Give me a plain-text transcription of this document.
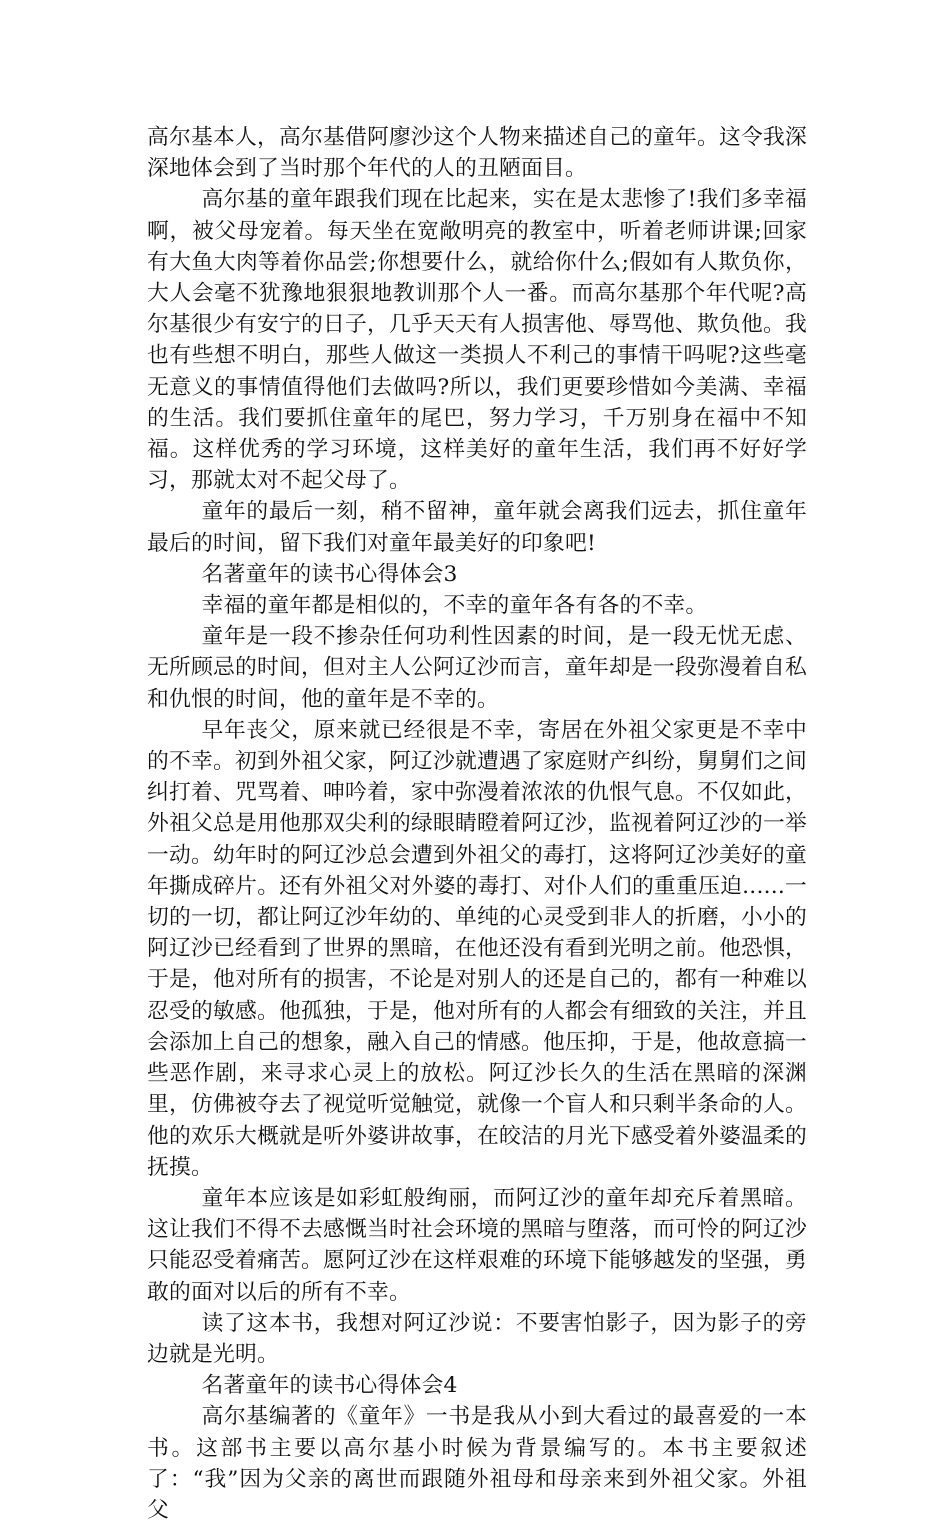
高尔基本人，高尔基借阿廖沙这个人物来描述自己的童年。这令我深深地体会到了当时那个年代的人的丑陋面目。

高尔基的童年跟我们现在比起来，实在是太悲惨了!我们多幸福啊，被父母宠着。每天坐在宽敞明亮的教室中，听着老师讲课;回家有大鱼大肉等着你品尝;你想要什么，就给你什么;假如有人欺负你，大人会毫不犹豫地狠狠地教训那个人一番。而高尔基那个年代呢?高尔基很少有安宁的日子，几乎天天有人损害他、辱骂他、欺负他。我也有些想不明白，那些人做这一类损人不利己的事情干吗呢?这些毫无意义的事情值得他们去做吗?所以，我们更要珍惜如今美满、幸福的生活。我们要抓住童年的尾巴，努力学习，千万别身在福中不知福。这样优秀的学习环境，这样美好的童年生活，我们再不好好学习，那就太对不起父母了。

童年的最后一刻，稍不留神，童年就会离我们远去，抓住童年最后的时间，留下我们对童年最美好的印象吧!

名著童年的读书心得体会3

幸福的童年都是相似的，不幸的童年各有各的不幸。

童年是一段不掺杂任何功利性因素的时间，是一段无忧无虑、无所顾忌的时间，但对主人公阿辽沙而言，童年却是一段弥漫着自私和仇恨的时间，他的童年是不幸的。

早年丧父，原来就已经很是不幸，寄居在外祖父家更是不幸中的不幸。初到外祖父家，阿辽沙就遭遇了家庭财产纠纷，舅舅们之间纠打着、咒骂着、呻吟着，家中弥漫着浓浓的仇恨气息。不仅如此，外祖父总是用他那双尖利的绿眼睛瞪着阿辽沙，监视着阿辽沙的一举一动。幼年时的阿辽沙总会遭到外祖父的毒打，这将阿辽沙美好的童年撕成碎片。还有外祖父对外婆的毒打、对仆人们的重重压迫......一切的一切，都让阿辽沙年幼的、单纯的心灵受到非人的折磨，小小的阿辽沙已经看到了世界的黑暗，在他还没有看到光明之前。他恐惧，于是，他对所有的损害，不论是对别人的还是自己的，都有一种难以忍受的敏感。他孤独，于是，他对所有的人都会有细致的关注，并且会添加上自己的想象，融入自己的情感。他压抑，于是，他故意搞一些恶作剧，来寻求心灵上的放松。阿辽沙长久的生活在黑暗的深渊里，仿佛被夺去了视觉听觉触觉，就像一个盲人和只剩半条命的人。他的欢乐大概就是听外婆讲故事，在皎洁的月光下感受着外婆温柔的抚摸。

童年本应该是如彩虹般绚丽，而阿辽沙的童年却充斥着黑暗。这让我们不得不去感慨当时社会环境的黑暗与堕落，而可怜的阿辽沙只能忍受着痛苦。愿阿辽沙在这样艰难的环境下能够越发的坚强，勇敢的面对以后的所有不幸。

读了这本书，我想对阿辽沙说：不要害怕影子，因为影子的旁边就是光明。

名著童年的读书心得体会4

高尔基编著的《童年》一书是我从小到大看过的最喜爱的一本书。这部书主要以高尔基小时候为背景编写的。本书主要叙述了：“我”因为父亲的离世而跟随外祖母和母亲来到外祖父家。外祖父
